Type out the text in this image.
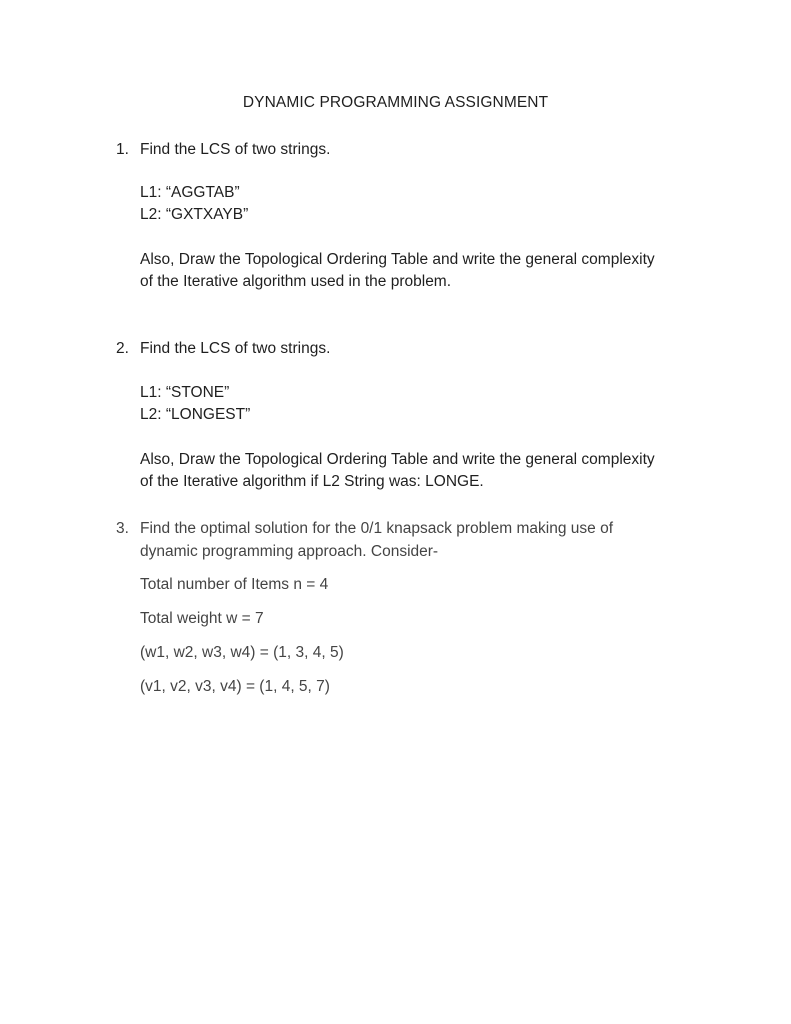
DYNAMIC PROGRAMMING ASSIGNMENT
1. Find the LCS of two strings.
L1: “AGGTAB”
L2: “GXTXAYB”
Also, Draw the Topological Ordering Table and write the general complexity
of the Iterative algorithm used in the problem.
2. Find the LCS of two strings.
L1: “STONE”
L2: “LONGEST”
Also, Draw the Topological Ordering Table and write the general complexity
of the Iterative algorithm if L2 String was: LONGE.
3. Find the optimal solution for the 0/1 knapsack problem making use of
dynamic programming approach. Consider-
Total number of Items n = 4
Total weight w = 7
(w1, w2, w3, w4) = (1, 3, 4, 5)
(v1, v2, v3, v4) = (1, 4, 5, 7)
